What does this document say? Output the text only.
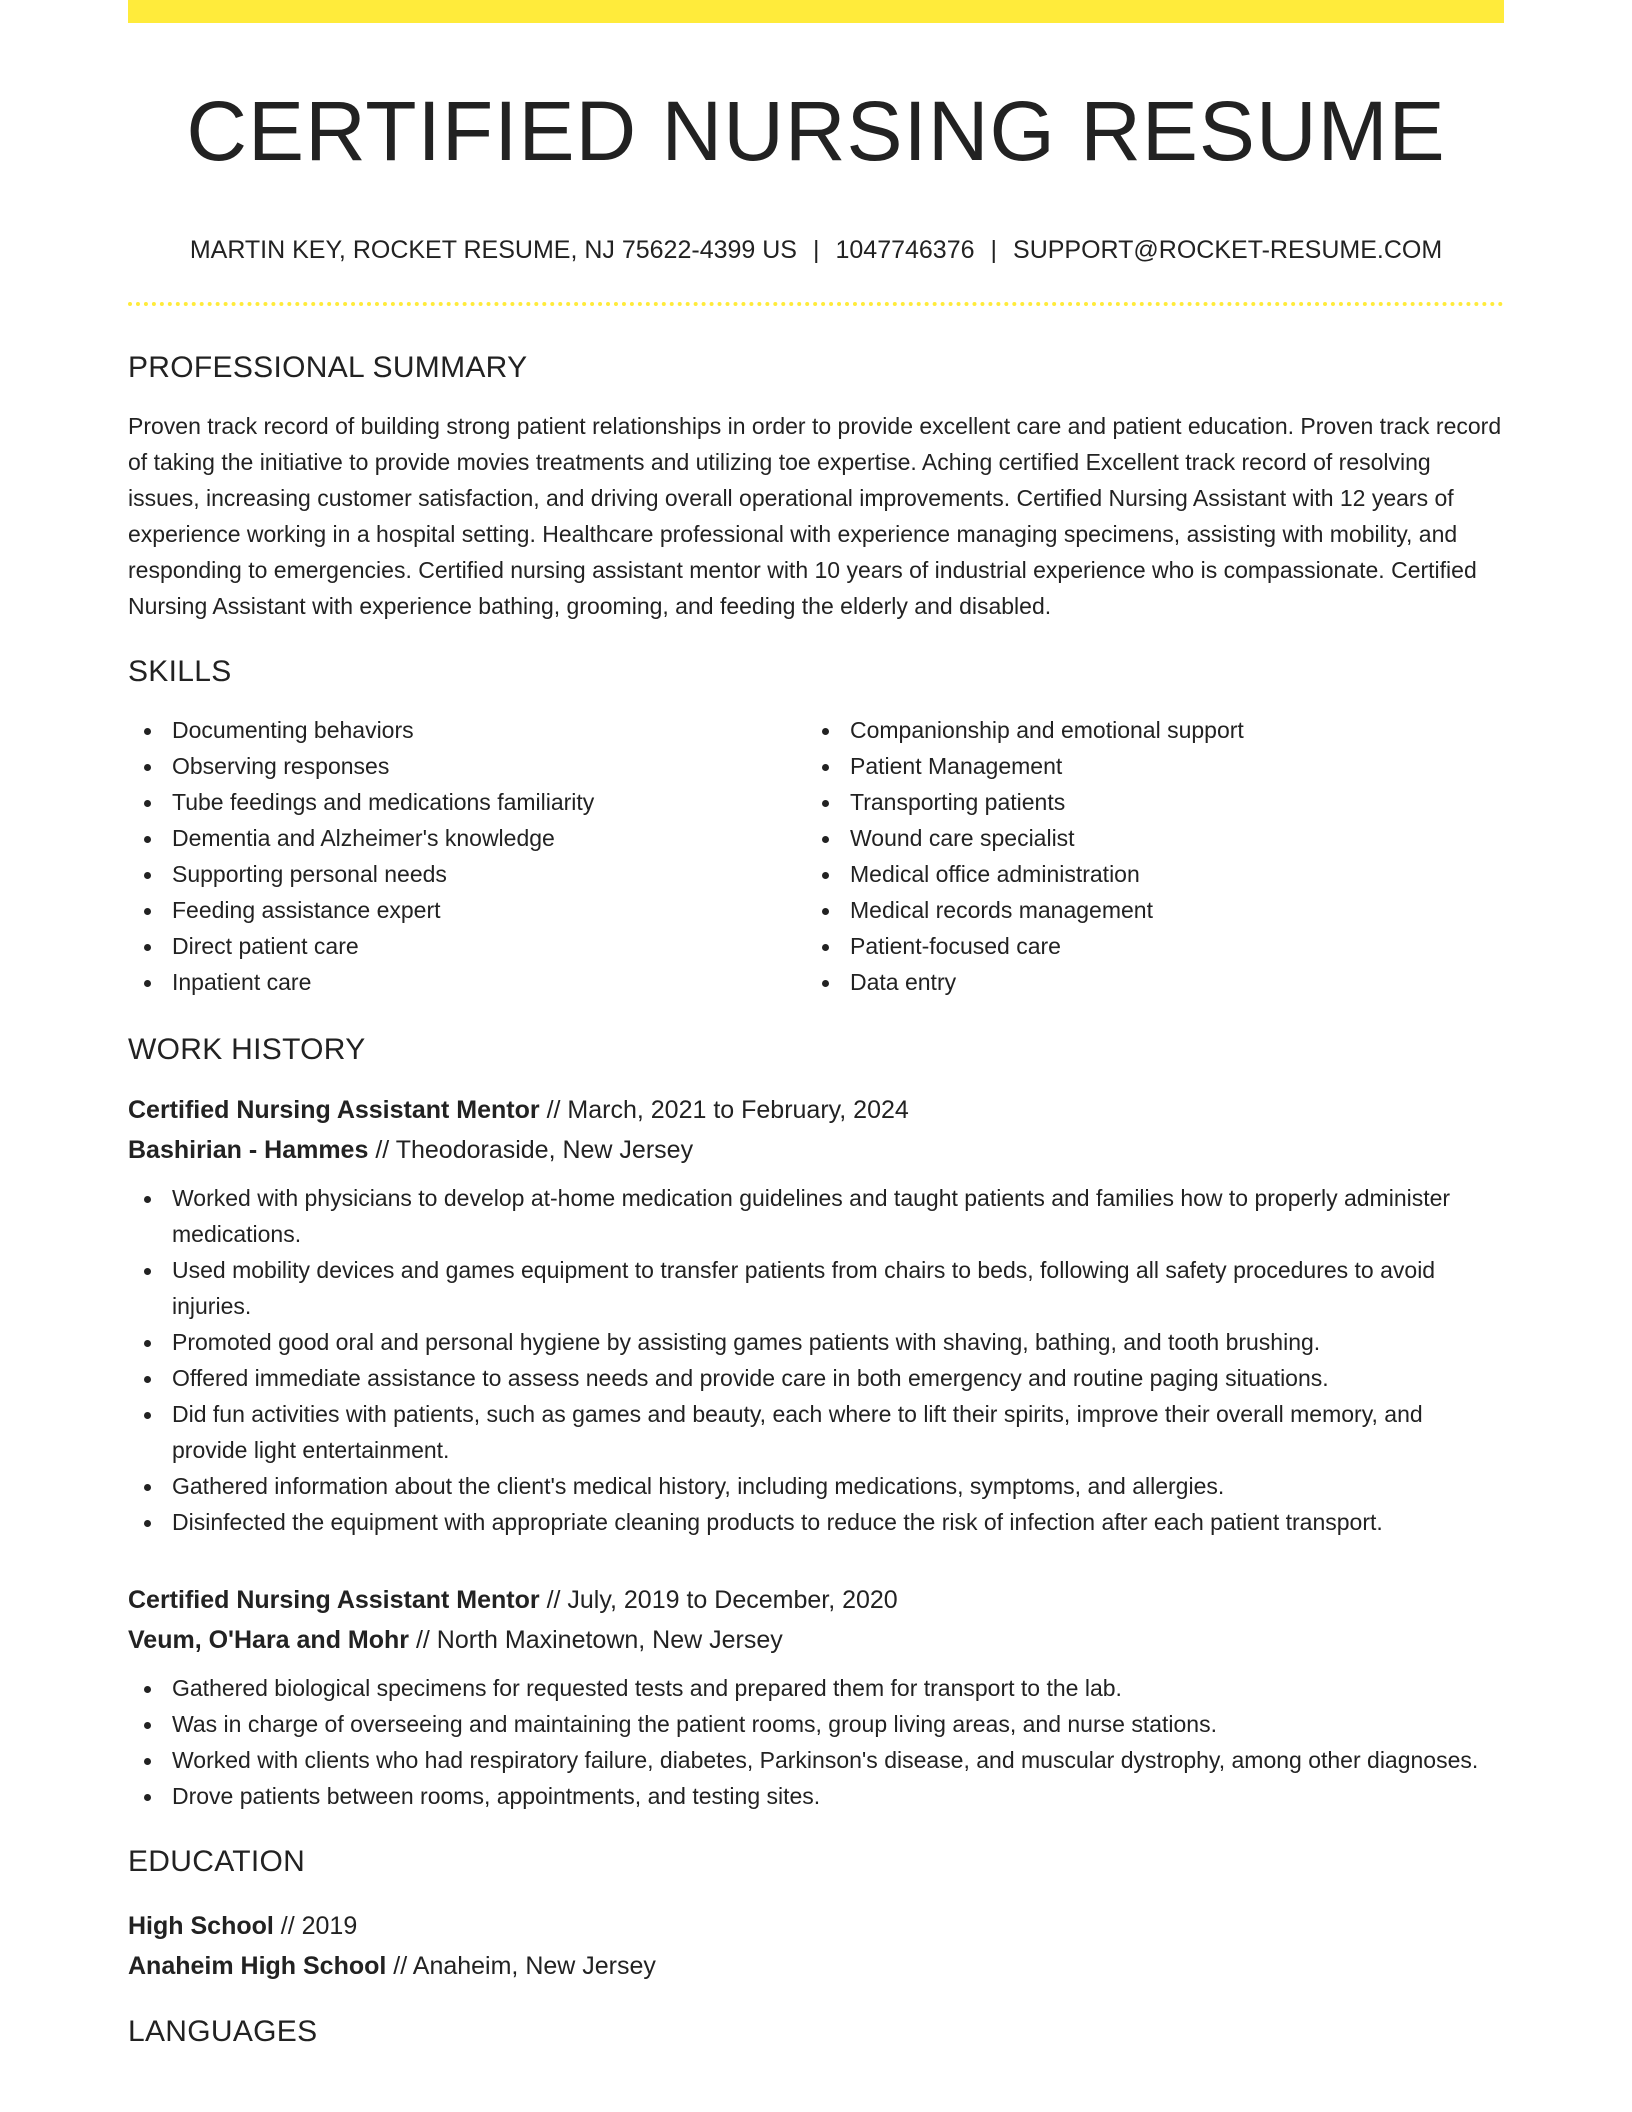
CERTIFIED NURSING RESUME
MARTIN KEY, ROCKET RESUME, NJ 75622-4399 US | 1047746376 | SUPPORT@ROCKET-RESUME.COM
PROFESSIONAL SUMMARY

Proven track record of building strong patient relationships in order to provide excellent care and patient education. Proven track record of taking the initiative to provide movies treatments and utilizing toe expertise. Aching certified Excellent track record of resolving issues, increasing customer satisfaction, and driving overall operational improvements. Certified Nursing Assistant with 12 years of experience working in a hospital setting. Healthcare professional with experience managing specimens, assisting with mobility, and responding to emergencies. Certified nursing assistant mentor with 10 years of industrial experience who is compassionate. Certified Nursing Assistant with experience bathing, grooming, and feeding the elderly and disabled.

SKILLS
Documenting behaviors
Observing responses
Tube feedings and medications familiarity
Dementia and Alzheimer's knowledge
Supporting personal needs
Feeding assistance expert
Direct patient care
Inpatient care
Companionship and emotional support
Patient Management
Transporting patients
Wound care specialist
Medical office administration
Medical records management
Patient-focused care
Data entry
WORK HISTORY
Certified Nursing Assistant Mentor // March, 2021 to February, 2024
Bashirian - Hammes // Theodoraside, New Jersey
Worked with physicians to develop at-home medication guidelines and taught patients and families how to properly administer medications.
Used mobility devices and games equipment to transfer patients from chairs to beds, following all safety procedures to avoid injuries.
Promoted good oral and personal hygiene by assisting games patients with shaving, bathing, and tooth brushing.
Offered immediate assistance to assess needs and provide care in both emergency and routine paging situations.
Did fun activities with patients, such as games and beauty, each where to lift their spirits, improve their overall memory, and provide light entertainment.
Gathered information about the client's medical history, including medications, symptoms, and allergies.
Disinfected the equipment with appropriate cleaning products to reduce the risk of infection after each patient transport.
Certified Nursing Assistant Mentor // July, 2019 to December, 2020
Veum, O'Hara and Mohr // North Maxinetown, New Jersey
Gathered biological specimens for requested tests and prepared them for transport to the lab.
Was in charge of overseeing and maintaining the patient rooms, group living areas, and nurse stations.
Worked with clients who had respiratory failure, diabetes, Parkinson's disease, and muscular dystrophy, among other diagnoses.
Drove patients between rooms, appointments, and testing sites.
EDUCATION
High School // 2019
Anaheim High School // Anaheim, New Jersey
LANGUAGES
